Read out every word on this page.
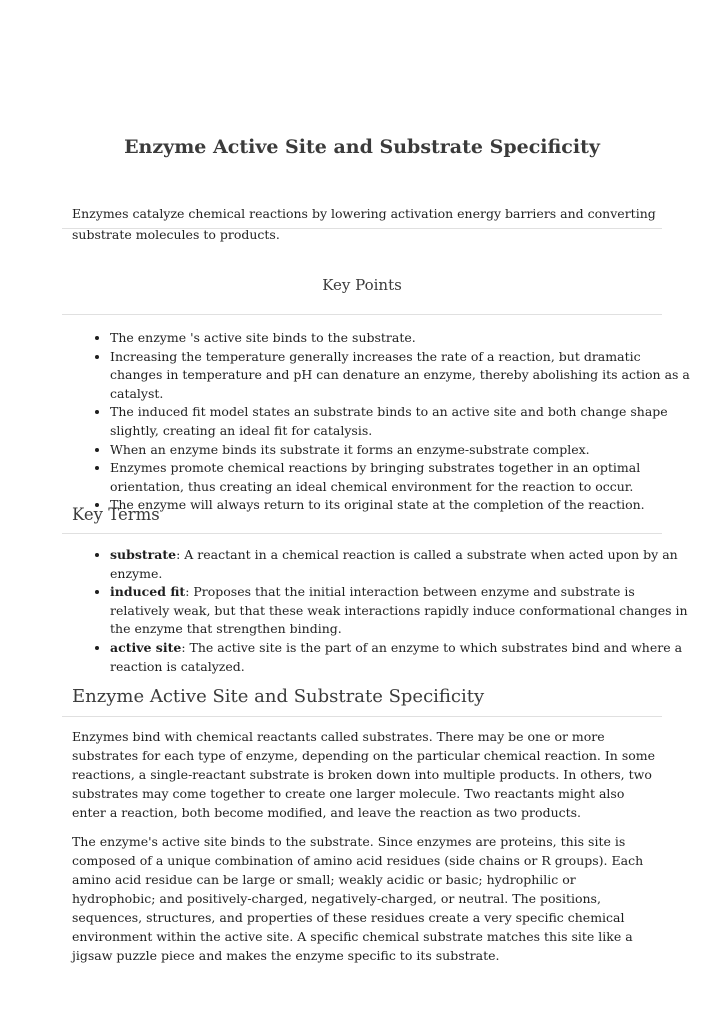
Enzyme Active Site and Substrate Specificity

Enzymes catalyze chemical reactions by lowering activation energy barriers and converting substrate molecules to products.

Key Points
• The enzyme 's active site binds to the substrate.
• Increasing the temperature generally increases the rate of a reaction, but dramatic changes in temperature and pH can denature an enzyme, thereby abolishing its action as a catalyst.
• The induced fit model states an substrate binds to an active site and both change shape slightly, creating an ideal fit for catalysis.
• When an enzyme binds its substrate it forms an enzyme-substrate complex.
• Enzymes promote chemical reactions by bringing substrates together in an optimal orientation, thus creating an ideal chemical environment for the reaction to occur.
• The enzyme will always return to its original state at the completion of the reaction.
Key Terms
• substrate: A reactant in a chemical reaction is called a substrate when acted upon by an enzyme.
• induced fit: Proposes that the initial interaction between enzyme and substrate is relatively weak, but that these weak interactions rapidly induce conformational changes in the enzyme that strengthen binding.
• active site: The active site is the part of an enzyme to which substrates bind and where a reaction is catalyzed.
Enzyme Active Site and Substrate Specificity

Enzymes bind with chemical reactants called substrates. There may be one or more substrates for each type of enzyme, depending on the particular chemical reaction. In some reactions, a single-reactant substrate is broken down into multiple products. In others, two substrates may come together to create one larger molecule. Two reactants might also enter a reaction, both become modified, and leave the reaction as two products.

The enzyme's active site binds to the substrate. Since enzymes are proteins, this site is composed of a unique combination of amino acid residues (side chains or R groups). Each amino acid residue can be large or small; weakly acidic or basic; hydrophilic or hydrophobic; and positively-charged, negatively-charged, or neutral. The positions, sequences, structures, and properties of these residues create a very specific chemical environment within the active site. A specific chemical substrate matches this site like a jigsaw puzzle piece and makes the enzyme specific to its substrate.
